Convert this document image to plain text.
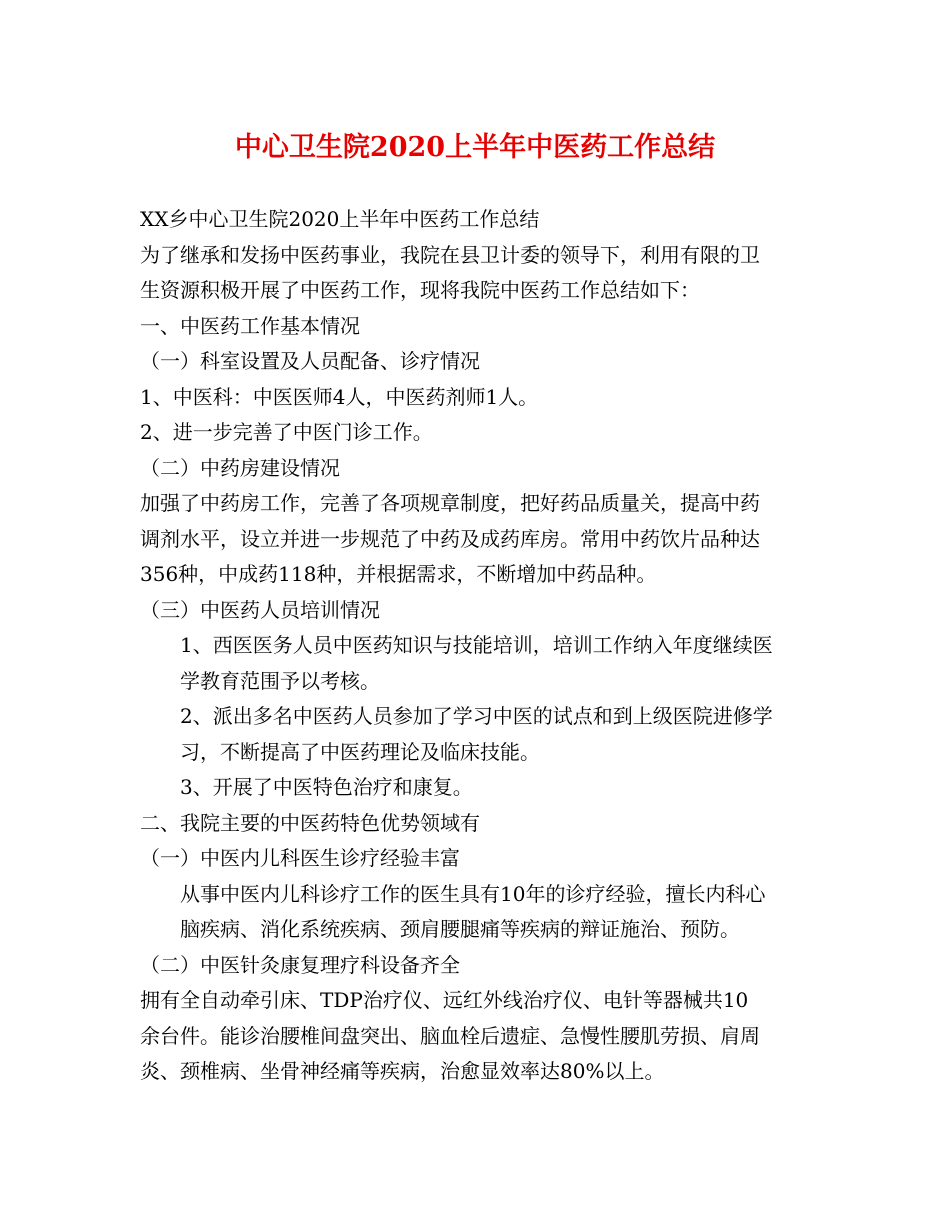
中心卫生院2020上半年中医药工作总结

XX乡中心卫生院2020上半年中医药工作总结

为了继承和发扬中医药事业，我院在县卫计委的领导下，利用有限的卫
生资源积极开展了中医药工作，现将我院中医药工作总结如下：

一、中医药工作基本情况

（一）科室设置及人员配备、诊疗情况

1、中医科：中医医师4人，中医药剂师1人。

2、进一步完善了中医门诊工作。

（二）中药房建设情况

加强了中药房工作，完善了各项规章制度，把好药品质量关，提高中药
调剂水平，设立并进一步规范了中药及成药库房。常用中药饮片品种达
356种，中成药118种，并根据需求，不断增加中药品种。

（三）中医药人员培训情况

1、西医医务人员中医药知识与技能培训，培训工作纳入年度继续医
学教育范围予以考核。

2、派出多名中医药人员参加了学习中医的试点和到上级医院进修学
习，不断提高了中医药理论及临床技能。

3、开展了中医特色治疗和康复。

二、我院主要的中医药特色优势领域有

（一）中医内儿科医生诊疗经验丰富

从事中医内儿科诊疗工作的医生具有10年的诊疗经验，擅长内科心
脑疾病、消化系统疾病、颈肩腰腿痛等疾病的辩证施治、预防。

（二）中医针灸康复理疗科设备齐全

拥有全自动牵引床、TDP治疗仪、远红外线治疗仪、电针等器械共10
余台件。能诊治腰椎间盘突出、脑血栓后遗症、急慢性腰肌劳损、肩周
炎、颈椎病、坐骨神经痛等疾病，治愈显效率达80%以上。
